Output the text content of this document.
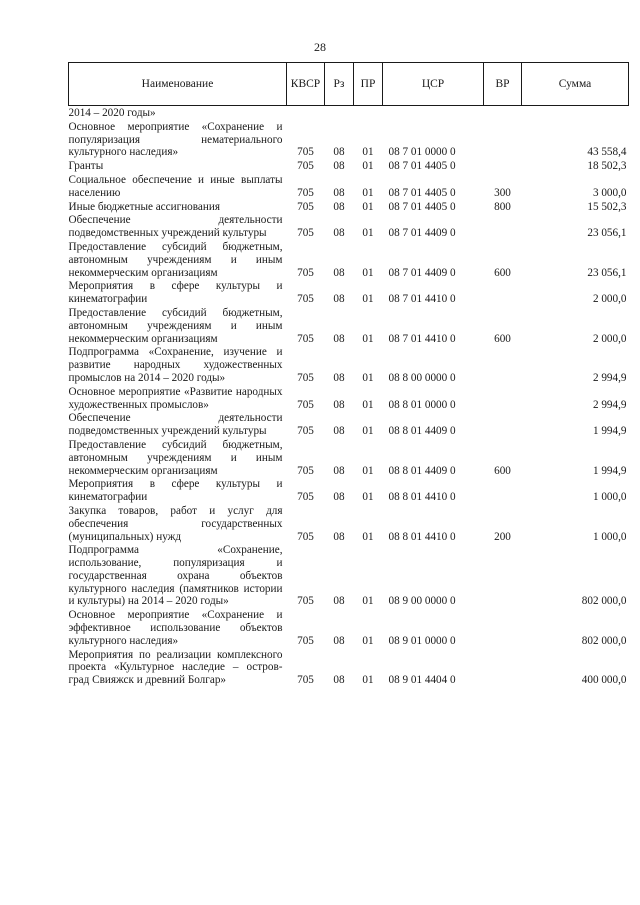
28
Наименование	КВСР	Рз	ПР	ЦСР	ВР	Сумма
2014 – 2020 годы»						
Основное мероприятие «Сохранение и популяризация нематериального культурного наследия»	705	08	01	08 7 01 0000 0		43 558,4
Гранты	705	08	01	08 7 01 4405 0		18 502,3
Социальное обеспечение и иные выплаты населению	705	08	01	08 7 01 4405 0	300	3 000,0
Иные бюджетные ассигнования	705	08	01	08 7 01 4405 0	800	15 502,3
Обеспечение деятельности подведомственных учреждений культуры	705	08	01	08 7 01 4409 0		23 056,1
Предоставление субсидий бюджетным, автономным учреждениям и иным некоммерческим организациям	705	08	01	08 7 01 4409 0	600	23 056,1
Мероприятия в сфере культуры и кинематографии	705	08	01	08 7 01 4410 0		2 000,0
Предоставление субсидий бюджетным, автономным учреждениям и иным некоммерческим организациям	705	08	01	08 7 01 4410 0	600	2 000,0
Подпрограмма «Сохранение, изучение и развитие народных художественных промыслов на 2014 – 2020 годы»	705	08	01	08 8 00 0000 0		2 994,9
Основное мероприятие «Развитие народных художественных промыслов»	705	08	01	08 8 01 0000 0		2 994,9
Обеспечение деятельности подведомственных учреждений культуры	705	08	01	08 8 01 4409 0		1 994,9
Предоставление субсидий бюджетным, автономным учреждениям и иным некоммерческим организациям	705	08	01	08 8 01 4409 0	600	1 994,9
Мероприятия в сфере культуры и кинематографии	705	08	01	08 8 01 4410 0		1 000,0
Закупка товаров, работ и услуг для обеспечения государственных (муниципальных) нужд	705	08	01	08 8 01 4410 0	200	1 000,0
Подпрограмма «Сохранение, использование, популяризация и государственная охрана объектов культурного наследия (памятников истории и культуры) на 2014 – 2020 годы»	705	08	01	08 9 00 0000 0		802 000,0
Основное мероприятие «Сохранение и эффективное использование объектов культурного наследия»	705	08	01	08 9 01 0000 0		802 000,0
Мероприятия по реализации комплексного проекта «Культурное наследие – остров-град Свияжск и древний Болгар»	705	08	01	08 9 01 4404 0		400 000,0
